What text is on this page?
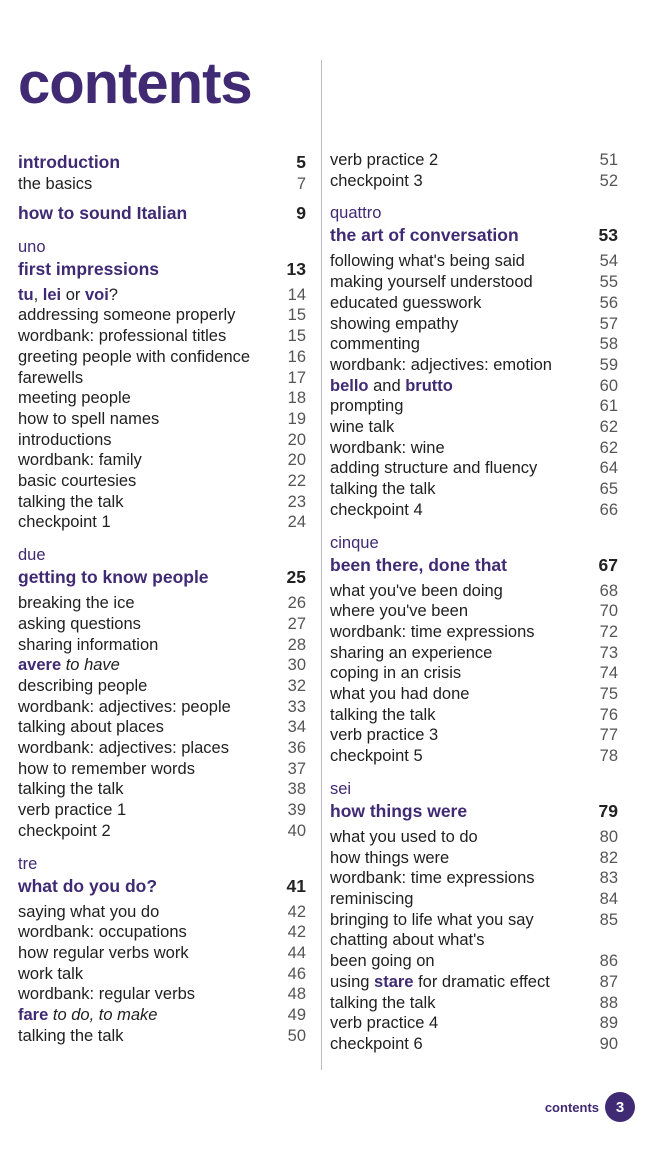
contents
introduction	5
the basics	7
how to sound Italian	9
uno
first impressions	13
tu, lei or voi?	14
addressing someone properly	15
wordbank: professional titles	15
greeting people with confidence 16
farewells	17
meeting people	18
how to spell names	19
introductions	20
wordbank: family	20
basic courtesies	22
talking the talk	23
checkpoint 1	24
due
getting to know people	25
breaking the ice	26
asking questions	27
sharing information	28
avere to have	30
describing people	32
wordbank: adjectives: people	33
talking about places	34
wordbank: adjectives: places	36
how to remember words	37
talking the talk	38
verb practice 1	39
checkpoint 2	40
tre
what do you do?	41
saying what you do	42
wordbank: occupations	42
how regular verbs work	44
work talk	46
wordbank: regular verbs	48
fare to do, to make	49
talking the talk	50
verb practice 2	51
checkpoint 3	52
quattro
the art of conversation	53
following what's being said	54
making yourself understood	55
educated guesswork	56
showing empathy	57
commenting	58
wordbank: adjectives: emotion	59
bello and brutto	60
prompting	61
wine talk	62
wordbank: wine	62
adding structure and fluency	64
talking the talk	65
checkpoint 4	66
cinque
been there, done that	67
what you've been doing	68
where you've been	70
wordbank: time expressions	72
sharing an experience	73
coping in an crisis	74
what you had done	75
talking the talk	76
verb practice 3	77
checkpoint 5	78
sei
how things were	79
what you used to do	80
how things were	82
wordbank: time expressions	83
reminiscing	84
bringing to life what you say	85
chatting about what's
been going on	86
using stare for dramatic effect	87
talking the talk	88
verb practice 4	89
checkpoint 6	90
contents	3
